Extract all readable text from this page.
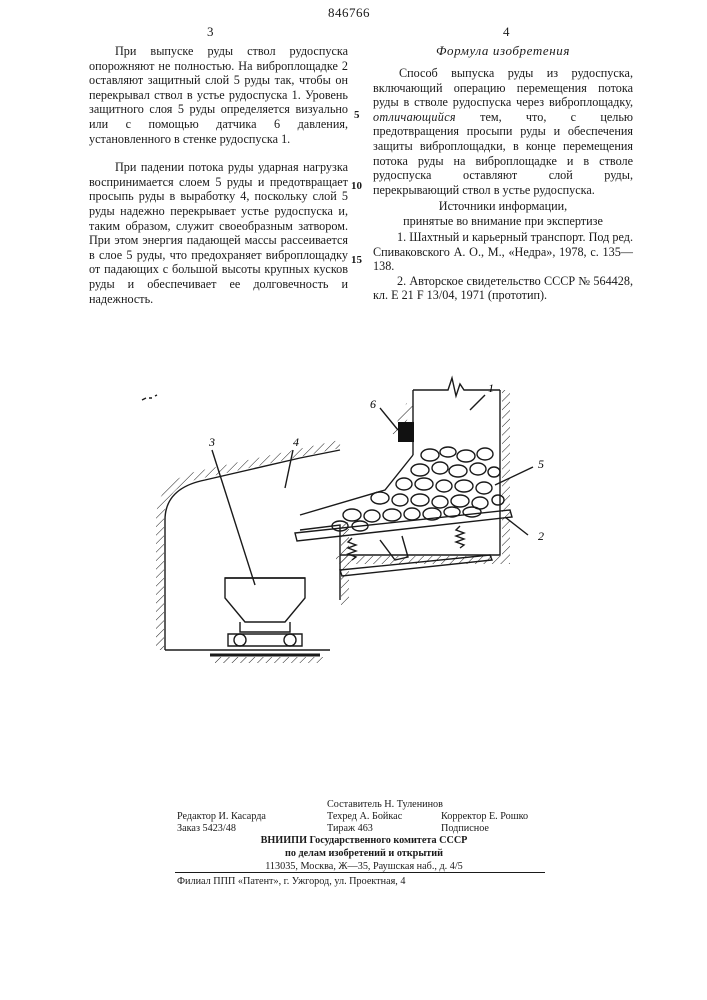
846766
3	4

При выпуске руды ствол рудоспуска опорожняют не полностью. На виброплощадке 2 оставляют защитный слой 5 руды так, чтобы он перекрывал ствол в устье рудоспуска 1. Уровень защитного слоя 5 руды определяется визуально или с помощью датчика 6 давления, установленного в стенке рудоспуска 1.

При падении потока руды ударная нагрузка воспринимается слоем 5 руды и предотвращает просыпь руды в выработку 4, поскольку слой 5 руды надежно перекрывает устье рудоспуска и, таким образом, служит своеобразным затвором. При этом энергия падающей массы рассеивается в слое 5 руды, что предохраняет виброплощадку от падающих с большой высоты крупных кусков руды и обеспечивает ее долговечность и надежность.

5
10
15
Формула изобретения

Способ выпуска руды из рудоспуска, включающий операцию перемещения потока руды в стволе рудоспуска через виброплощадку, отличающийся тем, что, с целью предотвращения просыпи руды и обеспечения защиты виброплощадки, в конце перемещения потока руды на виброплощадке и в стволе рудоспуска оставляют слой руды, перекрывающий ствол в устье рудоспуска.

Источники информации,
принятые во внимание при экспертизе

1. Шахтный и карьерный транспорт. Под ред. Спиваковского А. О., М., «Недра», 1978, с. 135—138.

2. Авторское свидетельство СССР № 564428, кл. Е 21 F 13/04, 1971 (прототип).

3	4
1
5
2
6
Составитель Н. Туленинов
Редактор И. Касарда	Техред А. Бойкас	Корректор Е. Рошко
Заказ 5423/48	Тираж 463	Подписное
ВНИИПИ Государственного комитета СССР
по делам изобретений и открытий
113035, Москва, Ж—35, Раушская наб., д. 4/5
Филиал ППП «Патент», г. Ужгород, ул. Проектная, 4
